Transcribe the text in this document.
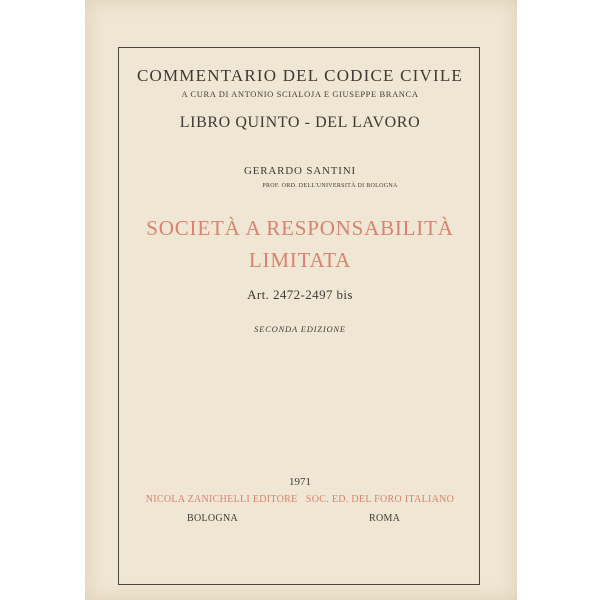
COMMENTARIO DEL CODICE CIVILE
A CURA DI ANTONIO SCIALOJA E GIUSEPPE BRANCA
LIBRO QUINTO - DEL LAVORO
GERARDO SANTINI
PROF. ORD. DELL'UNIVERSITÀ DI BOLOGNA
SOCIETÀ A RESPONSABILITÀ
LIMITATA
Art. 2472-2497 bis
SECONDA EDIZIONE
1971
NICOLA ZANICHELLI EDITORE   SOC. ED. DEL FORO ITALIANO
BOLOGNA	ROMA
